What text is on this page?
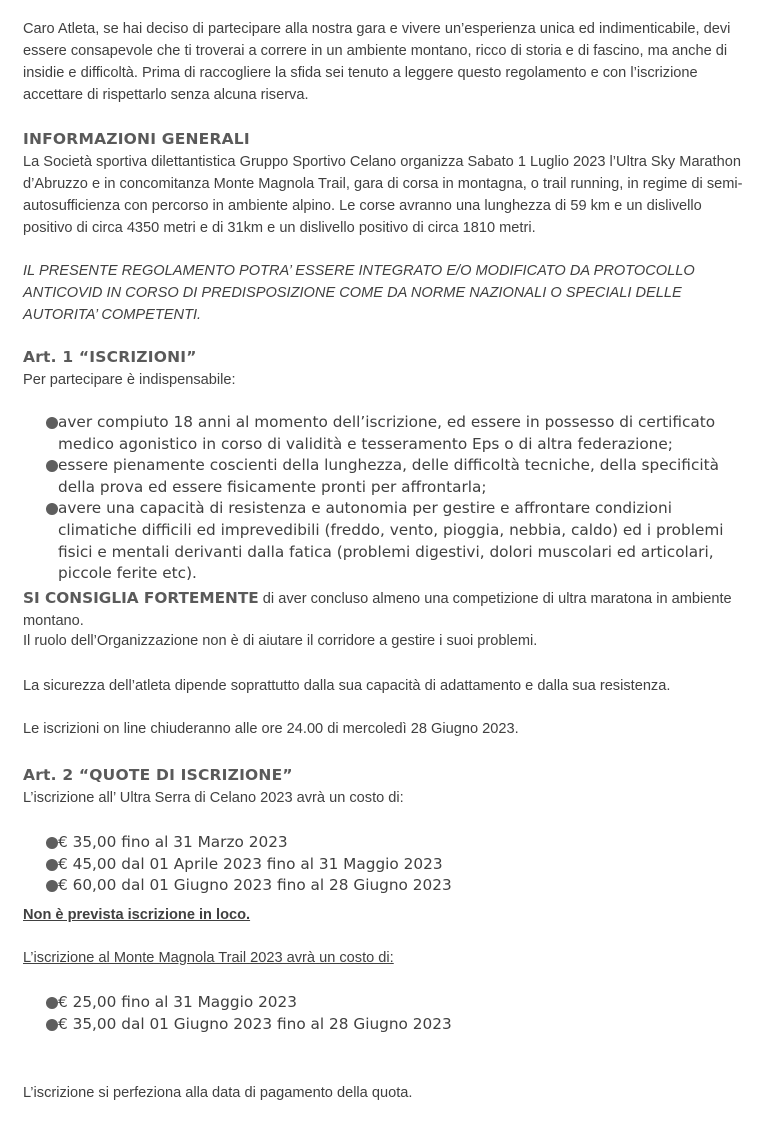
Caro Atleta, se hai deciso di partecipare alla nostra gara e vivere un’esperienza unica ed indimenticabile, devi essere consapevole che ti troverai a correre in un ambiente montano, ricco di storia e di fascino, ma anche di insidie e difficoltà. Prima di raccogliere la sfida sei tenuto a leggere questo regolamento e con l’iscrizione accettare di rispettarlo senza alcuna riserva.

INFORMAZIONI GENERALI

La Società sportiva dilettantistica Gruppo Sportivo Celano organizza Sabato 1 Luglio 2023 l’Ultra Sky Marathon d’Abruzzo e in concomitanza Monte Magnola Trail, gara di corsa in montagna, o trail running, in regime di semi-autosufficienza con percorso in ambiente alpino. Le corse avranno una lunghezza di 59 km e un dislivello positivo di circa 4350 metri e di 31km e un dislivello positivo di circa 1810 metri.

IL PRESENTE REGOLAMENTO POTRA’ ESSERE INTEGRATO E/O MODIFICATO DA PROTOCOLLO ANTICOVID IN CORSO DI PREDISPOSIZIONE COME DA NORME NAZIONALI O SPECIALI DELLE AUTORITA’ COMPETENTI.

Art. 1 “ISCRIZIONI”

Per partecipare è indispensabile:

aver compiuto 18 anni al momento dell’iscrizione, ed essere in possesso di certificato medico agonistico in corso di validità e tesseramento Eps o di altra federazione;
essere pienamente coscienti della lunghezza, delle difficoltà tecniche, della specificità della prova ed essere fisicamente pronti per affrontarla;
avere una capacità di resistenza e autonomia per gestire e affrontare condizioni climatiche difficili ed imprevedibili (freddo, vento, pioggia, nebbia, caldo) ed i problemi fisici e mentali derivanti dalla fatica (problemi digestivi, dolori muscolari ed articolari, piccole ferite etc).

SI CONSIGLIA FORTEMENTE di aver concluso almeno una competizione di ultra maratona in ambiente montano.

Il ruolo dell’Organizzazione non è di aiutare il corridore a gestire i suoi problemi.

La sicurezza dell’atleta dipende soprattutto dalla sua capacità di adattamento e dalla sua resistenza.

Le iscrizioni on line chiuderanno alle ore 24.00 di mercoledì 28 Giugno 2023.

Art. 2 “QUOTE DI ISCRIZIONE”

L’iscrizione all’ Ultra Serra di Celano 2023 avrà un costo di:

€ 35,00 fino al 31 Marzo 2023
€ 45,00 dal 01 Aprile 2023 fino al 31 Maggio 2023
€ 60,00 dal 01 Giugno 2023 fino al 28 Giugno 2023

Non è prevista iscrizione in loco.

L’iscrizione al Monte Magnola Trail 2023 avrà un costo di:

€ 25,00 fino al 31 Maggio 2023
€ 35,00 dal 01 Giugno 2023 fino al 28 Giugno 2023

L’iscrizione si perfeziona alla data di pagamento della quota.
